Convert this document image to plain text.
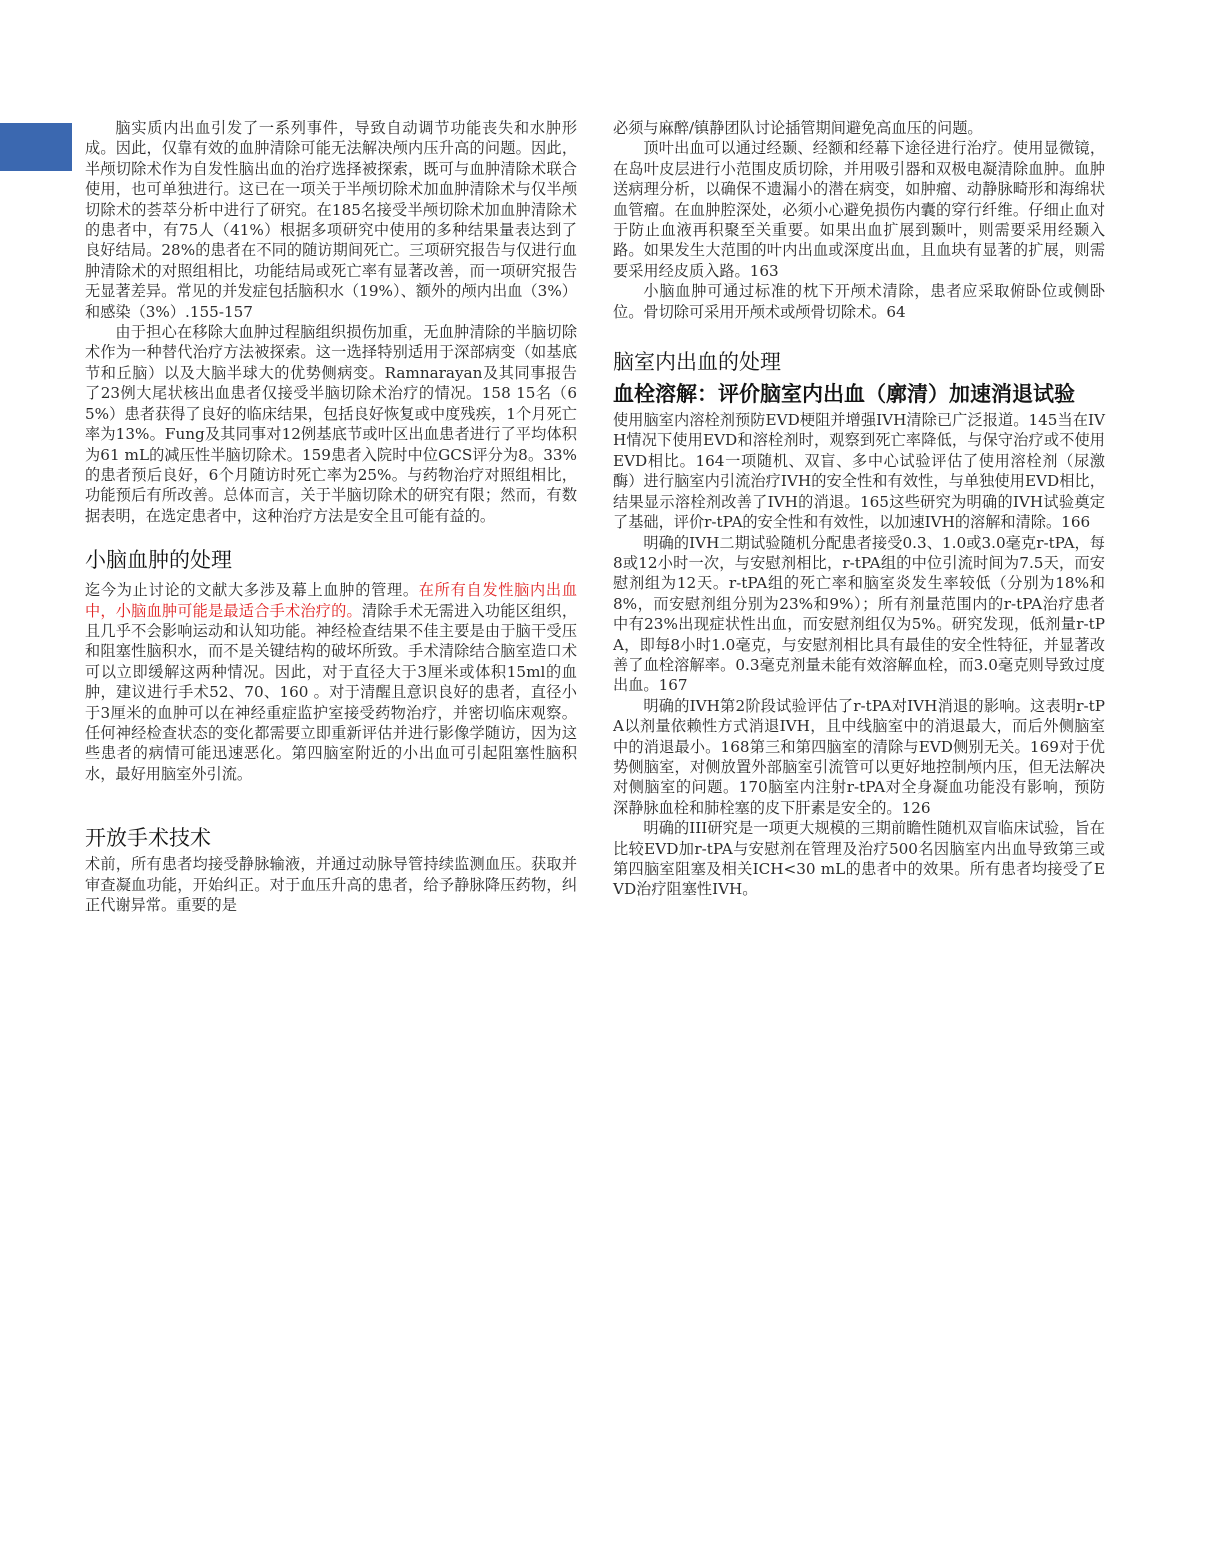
脑实质内出血引发了一系列事件，导致自动调节功能丧失和水肿形成。因此，仅靠有效的血肿清除可能无法解决颅内压升高的问题。因此，半颅切除术作为自发性脑出血的治疗选择被探索，既可与血肿清除术联合使用，也可单独进行。这已在一项关于半颅切除术加血肿清除术与仅半颅切除术的荟萃分析中进行了研究。在185名接受半颅切除术加血肿清除术的患者中，有75人（41%）根据多项研究中使用的多种结果量表达到了良好结局。28%的患者在不同的随访期间死亡。三项研究报告与仅进行血肿清除术的对照组相比，功能结局或死亡率有显著改善，而一项研究报告无显著差异。常见的并发症包括脑积水（19%）、额外的颅内出血（3%）和感染（3%）.155-157

由于担心在移除大血肿过程脑组织损伤加重，无血肿清除的半脑切除术作为一种替代治疗方法被探索。这一选择特别适用于深部病变（如基底节和丘脑）以及大脑半球大的优势侧病变。Ramnarayan及其同事报告了23例大尾状核出血患者仅接受半脑切除术治疗的情况。158 15名（65%）患者获得了良好的临床结果，包括良好恢复或中度残疾，1个月死亡率为13%。Fung及其同事对12例基底节或叶区出血患者进行了平均体积为61 mL的减压性半脑切除术。159患者入院时中位GCS评分为8。33%的患者预后良好，6个月随访时死亡率为25%。与药物治疗对照组相比，功能预后有所改善。总体而言，关于半脑切除术的研究有限；然而，有数据表明，在选定患者中，这种治疗方法是安全且可能有益的。

小脑血肿的处理

迄今为止讨论的文献大多涉及幕上血肿的管理。在所有自发性脑内出血中，小脑血肿可能是最适合手术治疗的。清除手术无需进入功能区组织，且几乎不会影响运动和认知功能。神经检查结果不佳主要是由于脑干受压和阻塞性脑积水，而不是关键结构的破坏所致。手术清除结合脑室造口术可以立即缓解这两种情况。因此，对于直径大于3厘米或体积15ml的血肿，建议进行手术52、70、160 。对于清醒且意识良好的患者，直径小于3厘米的血肿可以在神经重症监护室接受药物治疗，并密切临床观察。任何神经检查状态的变化都需要立即重新评估并进行影像学随访，因为这些患者的病情可能迅速恶化。第四脑室附近的小出血可引起阻塞性脑积水，最好用脑室外引流。

开放手术技术

术前，所有患者均接受静脉输液，并通过动脉导管持续监测血压。获取并审查凝血功能，开始纠正。对于血压升高的患者，给予静脉降压药物，纠正代谢异常。重要的是

必须与麻醉/镇静团队讨论插管期间避免高血压的问题。

顶叶出血可以通过经颞、经额和经幕下途径进行治疗。使用显微镜，在岛叶皮层进行小范围皮质切除，并用吸引器和双极电凝清除血肿。血肿送病理分析，以确保不遗漏小的潜在病变，如肿瘤、动静脉畸形和海绵状血管瘤。在血肿腔深处，必须小心避免损伤内囊的穿行纤维。仔细止血对于防止血液再积聚至关重要。如果出血扩展到颞叶，则需要采用经颞入路。如果发生大范围的叶内出血或深度出血，且血块有显著的扩展，则需要采用经皮质入路。163

小脑血肿可通过标准的枕下开颅术清除，患者应采取俯卧位或侧卧位。骨切除可采用开颅术或颅骨切除术。64

脑室内出血的处理
血栓溶解：评价脑室内出血（廓清）加速消退试验

使用脑室内溶栓剂预防EVD梗阻并增强IVH清除已广泛报道。145当在IVH情况下使用EVD和溶栓剂时，观察到死亡率降低，与保守治疗或不使用EVD相比。164一项随机、双盲、多中心试验评估了使用溶栓剂（尿激酶）进行脑室内引流治疗IVH的安全性和有效性，与单独使用EVD相比，结果显示溶栓剂改善了IVH的消退。165这些研究为明确的IVH试验奠定了基础，评价r-tPA的安全性和有效性，以加速IVH的溶解和清除。166

明确的IVH二期试验随机分配患者接受0.3、1.0或3.0毫克r-tPA，每8或12小时一次，与安慰剂相比，r-tPA组的中位引流时间为7.5天，而安慰剂组为12天。r-tPA组的死亡率和脑室炎发生率较低（分别为18%和8%，而安慰剂组分别为23%和9%）；所有剂量范围内的r-tPA治疗患者中有23%出现症状性出血，而安慰剂组仅为5%。研究发现，低剂量r-tPA，即每8小时1.0毫克，与安慰剂相比具有最佳的安全性特征，并显著改善了血栓溶解率。0.3毫克剂量未能有效溶解血栓，而3.0毫克则导致过度出血。167

明确的IVH第2阶段试验评估了r-tPA对IVH消退的影响。这表明r-tPA以剂量依赖性方式消退IVH，且中线脑室中的消退最大，而后外侧脑室中的消退最小。168第三和第四脑室的清除与EVD侧别无关。169对于优势侧脑室，对侧放置外部脑室引流管可以更好地控制颅内压，但无法解决对侧脑室的问题。170脑室内注射r-tPA对全身凝血功能没有影响，预防深静脉血栓和肺栓塞的皮下肝素是安全的。126

明确的III研究是一项更大规模的三期前瞻性随机双盲临床试验，旨在比较EVD加r-tPA与安慰剂在管理及治疗500名因脑室内出血导致第三或第四脑室阻塞及相关ICH<30 mL的患者中的效果。所有患者均接受了EVD治疗阻塞性IVH。
